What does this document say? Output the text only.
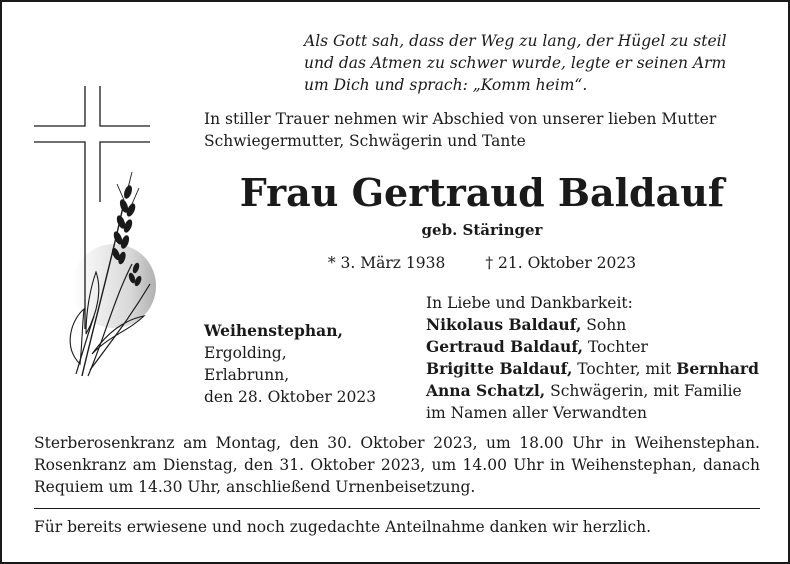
Als Gott sah, dass der Weg zu lang, der Hügel zu steil
und das Atmen zu schwer wurde, legte er seinen Arm
um Dich und sprach: „Komm heim“.
In stiller Trauer nehmen wir Abschied von unserer lieben Mutter
Schwiegermutter, Schwägerin und Tante
Frau Gertraud Baldauf
geb. Stäringer
* 3. März 1938	† 21. Oktober 2023
Weihenstephan,
Ergolding,
Erlabrunn,
den 28. Oktober 2023
In Liebe und Dankbarkeit:
Nikolaus Baldauf, Sohn
Gertraud Baldauf, Tochter
Brigitte Baldauf, Tochter, mit Bernhard
Anna Schatzl, Schwägerin, mit Familie
im Namen aller Verwandten
Sterberosenkranz am Montag, den 30. Oktober 2023, um 18.00 Uhr in Weihenstephan. Rosenkranz am Dienstag, den 31. Oktober 2023, um 14.00 Uhr in Weihenstephan, danach Requiem um 14.30 Uhr, anschließend Urnenbeisetzung.
Für bereits erwiesene und noch zugedachte Anteilnahme danken wir herzlich.
